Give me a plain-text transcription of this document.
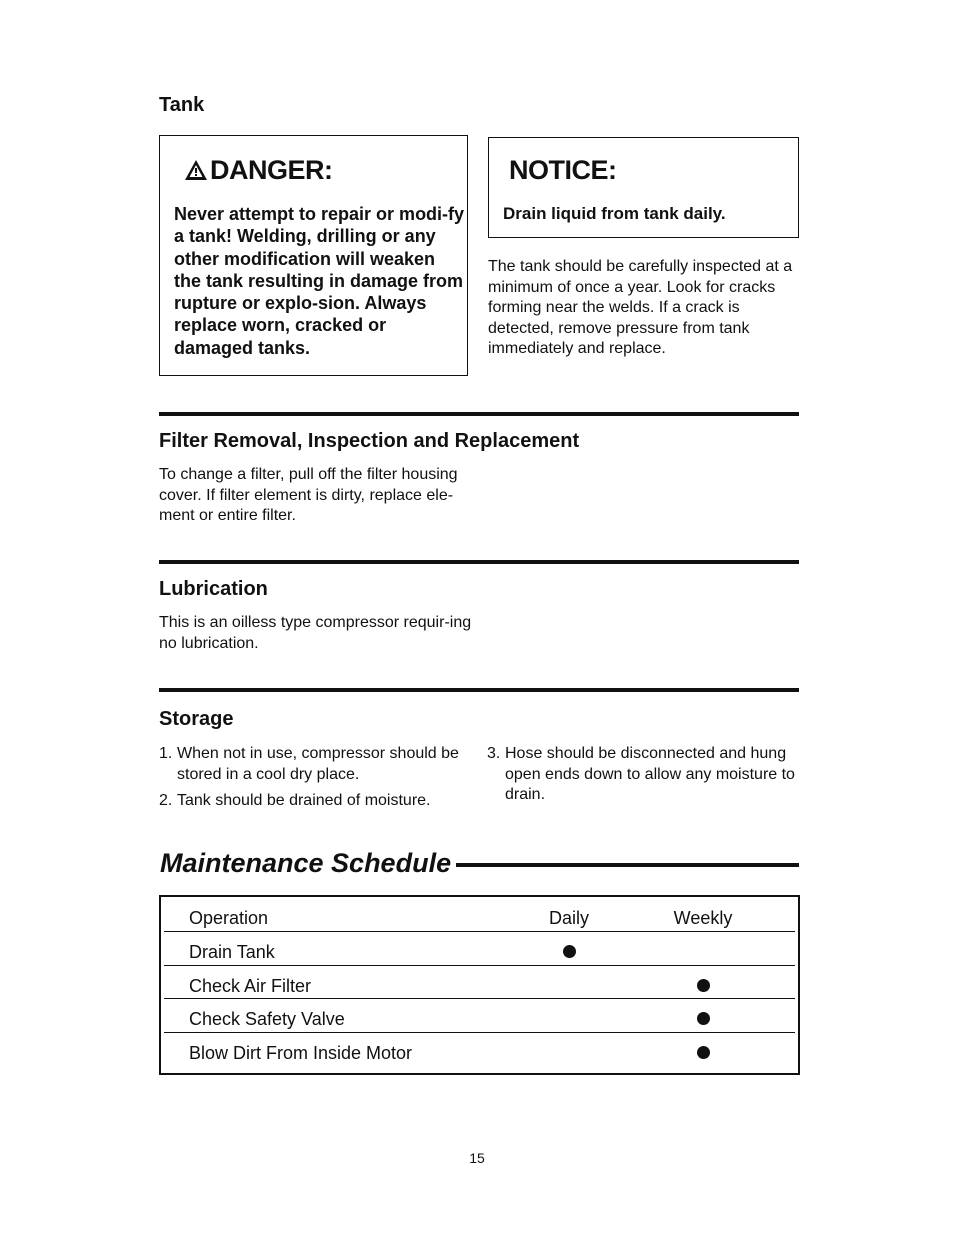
Tank
DANGER:
Never attempt to repair or modi-fy a tank! Welding, drilling or any other modification will weaken the tank resulting in damage from rupture or explo-sion. Always replace worn, cracked or damaged tanks.
NOTICE:
Drain liquid from tank daily.
The tank should be carefully inspected at a minimum of once a year. Look for cracks forming near the welds. If a crack is detected, remove pressure from tank immediately and replace.
Filter Removal, Inspection and Replacement
To change a filter, pull off the filter housing cover. If filter element is dirty, replace ele-ment or entire filter.
Lubrication
This is an oilless type compressor requir-ing no lubrication.
Storage
1. When not in use, compressor should be stored in a cool dry place.
2. Tank should be drained of moisture.
3. Hose should be disconnected and hung open ends down to allow any moisture to drain.
Maintenance Schedule
Operation	Daily	Weekly
Drain Tank
Check Air Filter
Check Safety Valve
Blow Dirt From Inside Motor
15
